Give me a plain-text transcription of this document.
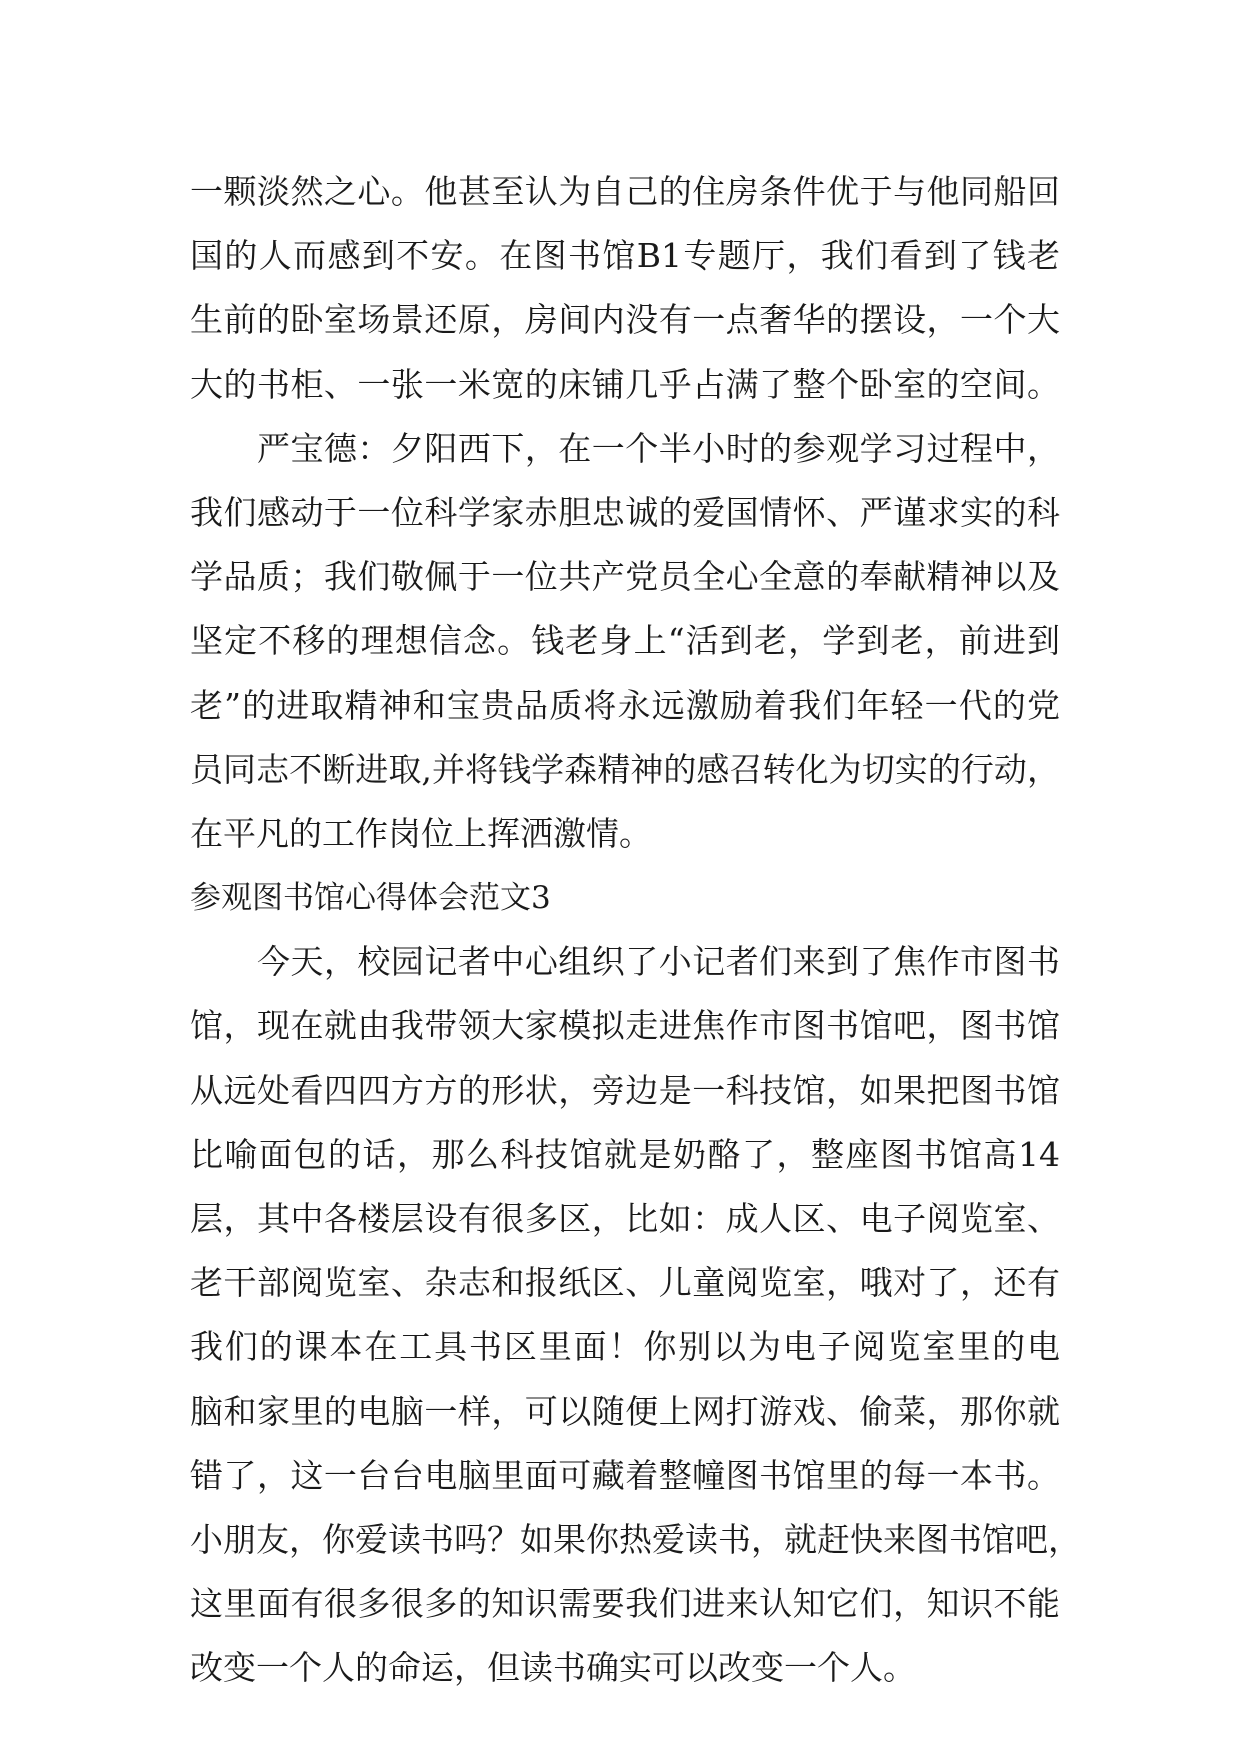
一颗淡然之心。他甚至认为自己的住房条件优于与他同船回
国的人而感到不安。在图书馆B1专题厅，我们看到了钱老
生前的卧室场景还原，房间内没有一点奢华的摆设，一个大
大的书柜、一张一米宽的床铺几乎占满了整个卧室的空间。
严宝德：夕阳西下，在一个半小时的参观学习过程中，
我们感动于一位科学家赤胆忠诚的爱国情怀、严谨求实的科
学品质；我们敬佩于一位共产党员全心全意的奉献精神以及
坚定不移的理想信念。钱老身上“活到老，学到老，前进到
老”的进取精神和宝贵品质将永远激励着我们年轻一代的党
员同志不断进取,并将钱学森精神的感召转化为切实的行动，
在平凡的工作岗位上挥洒激情。
参观图书馆心得体会范文3
今天，校园记者中心组织了小记者们来到了焦作市图书
馆，现在就由我带领大家模拟走进焦作市图书馆吧，图书馆
从远处看四四方方的形状，旁边是一科技馆，如果把图书馆
比喻面包的话，那么科技馆就是奶酪了，整座图书馆高14
层，其中各楼层设有很多区，比如：成人区、电子阅览室、
老干部阅览室、杂志和报纸区、儿童阅览室，哦对了，还有
我们的课本在工具书区里面！你别以为电子阅览室里的电
脑和家里的电脑一样，可以随便上网打游戏、偷菜，那你就
错了，这一台台电脑里面可藏着整幢图书馆里的每一本书。
小朋友，你爱读书吗？如果你热爱读书，就赶快来图书馆吧，
这里面有很多很多的知识需要我们进来认知它们，知识不能
改变一个人的命运，但读书确实可以改变一个人。
